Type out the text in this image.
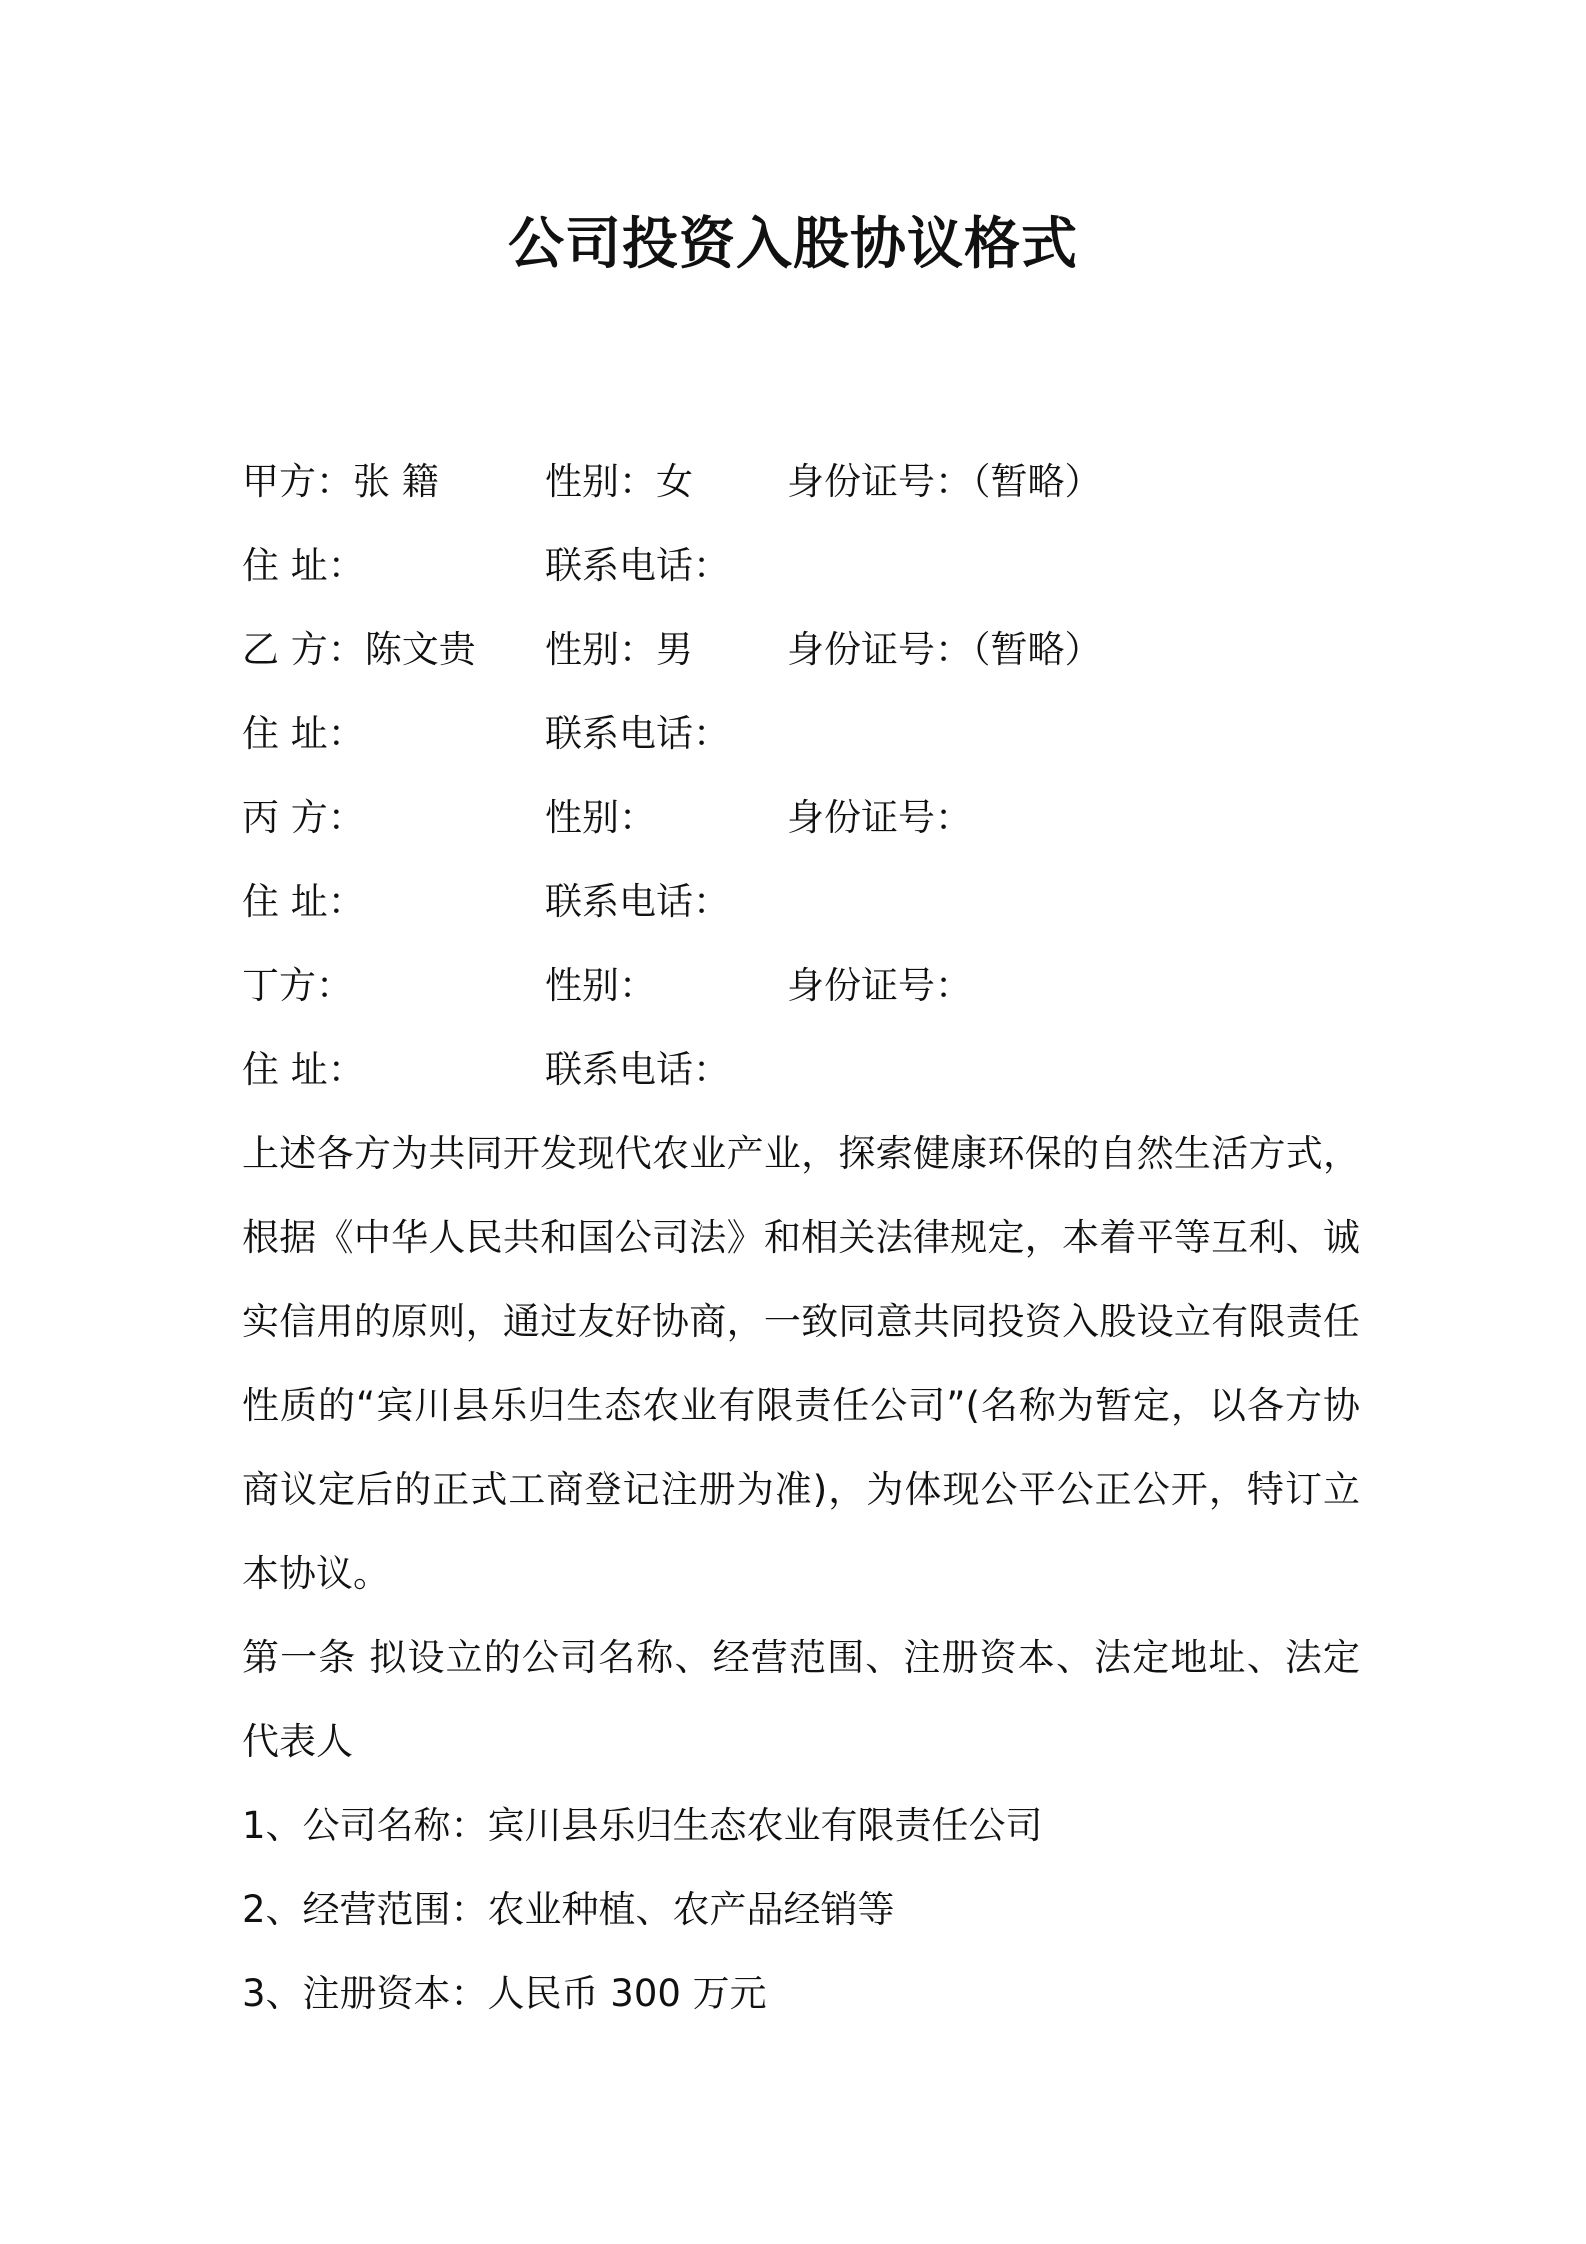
公司投资入股协议格式
甲方：张 籍	性别：女	身份证号：（暂略）
住 址：	联系电话：
乙 方：陈文贵 性别：男	身份证号：（暂略）
住 址：	联系电话：
丙 方：	性别：	身份证号：
住 址：	联系电话：
丁方：	性别：	身份证号：
住 址：	联系电话：

上述各方为共同开发现代农业产业，探索健康环保的自然生活方式，根据《中华人民共和国公司法》和相关法律规定，本着平等互利、诚实信用的原则，通过友好协商，一致同意共同投资入股设立有限责任性质的“宾川县乐归生态农业有限责任公司”(名称为暂定，以各方协商议定后的正式工商登记注册为准)，为体现公平公正公开，特订立本协议。

第一条 拟设立的公司名称、经营范围、注册资本、法定地址、法定代表人

1、公司名称：宾川县乐归生态农业有限责任公司

2、经营范围：农业种植、农产品经销等

3、注册资本：人民币 300 万元
